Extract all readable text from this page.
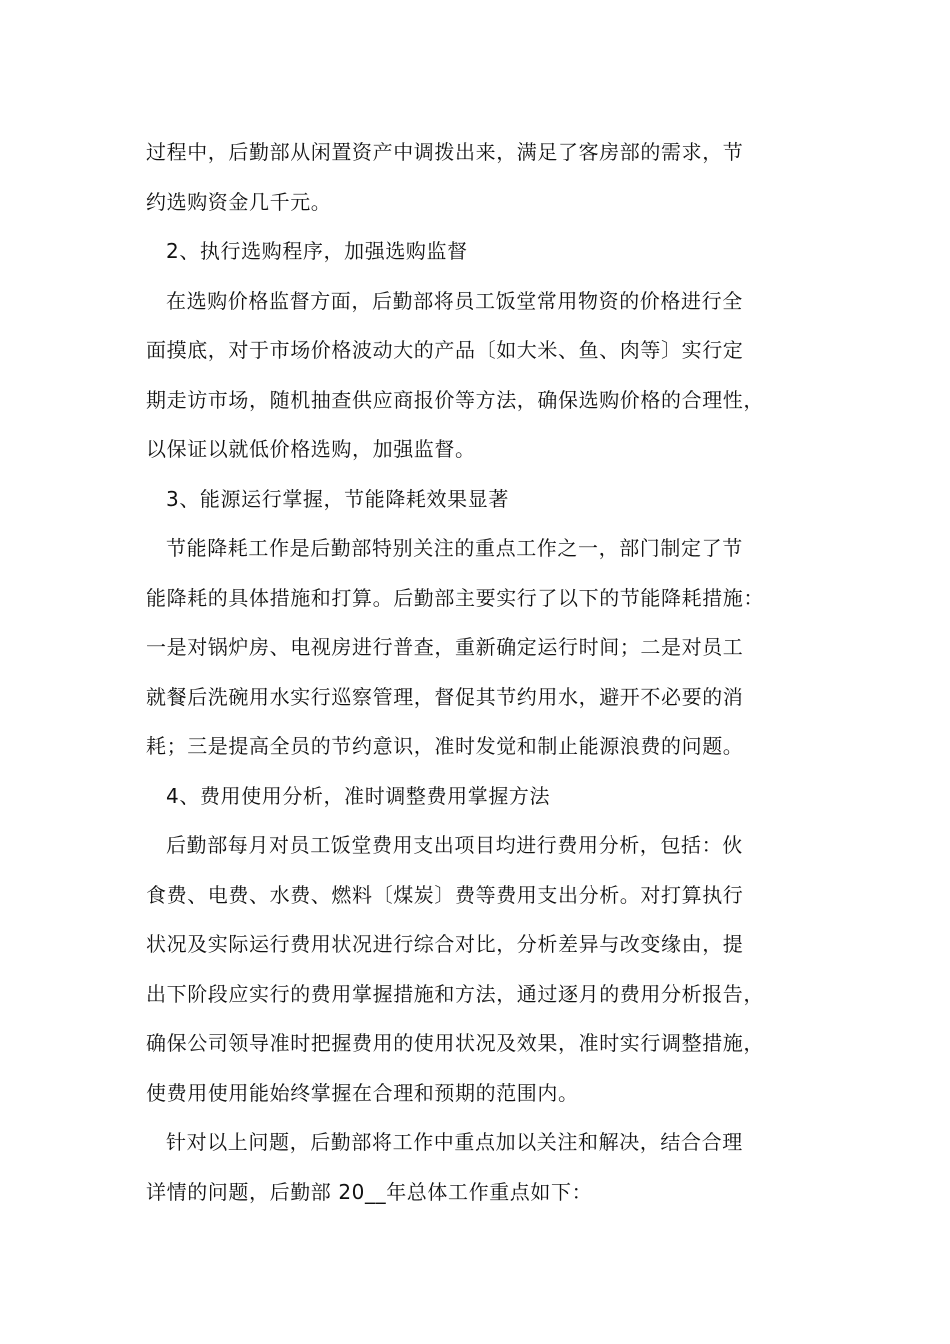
过程中，后勤部从闲置资产中调拨出来，满足了客房部的需求，节
约选购资金几千元。
2、执行选购程序，加强选购监督
在选购价格监督方面，后勤部将员工饭堂常用物资的价格进行全
面摸底，对于市场价格波动大的产品〔如大米、鱼、肉等〕实行定
期走访市场，随机抽查供应商报价等方法，确保选购价格的合理性，
以保证以就低价格选购，加强监督。
3、能源运行掌握，节能降耗效果显著
节能降耗工作是后勤部特别关注的重点工作之一，部门制定了节
能降耗的具体措施和打算。后勤部主要实行了以下的节能降耗措施：
一是对锅炉房、电视房进行普查，重新确定运行时间；二是对员工
就餐后洗碗用水实行巡察管理，督促其节约用水，避开不必要的消
耗；三是提高全员的节约意识，准时发觉和制止能源浪费的问题。
4、费用使用分析，准时调整费用掌握方法
后勤部每月对员工饭堂费用支出项目均进行费用分析，包括：伙
食费、电费、水费、燃料〔煤炭〕费等费用支出分析。对打算执行
状况及实际运行费用状况进行综合对比，分析差异与改变缘由，提
出下阶段应实行的费用掌握措施和方法，通过逐月的费用分析报告，
确保公司领导准时把握费用的使用状况及效果，准时实行调整措施，
使费用使用能始终掌握在合理和预期的范围内。
针对以上问题，后勤部将工作中重点加以关注和解决，结合合理
详情的问题，后勤部 20__年总体工作重点如下：
